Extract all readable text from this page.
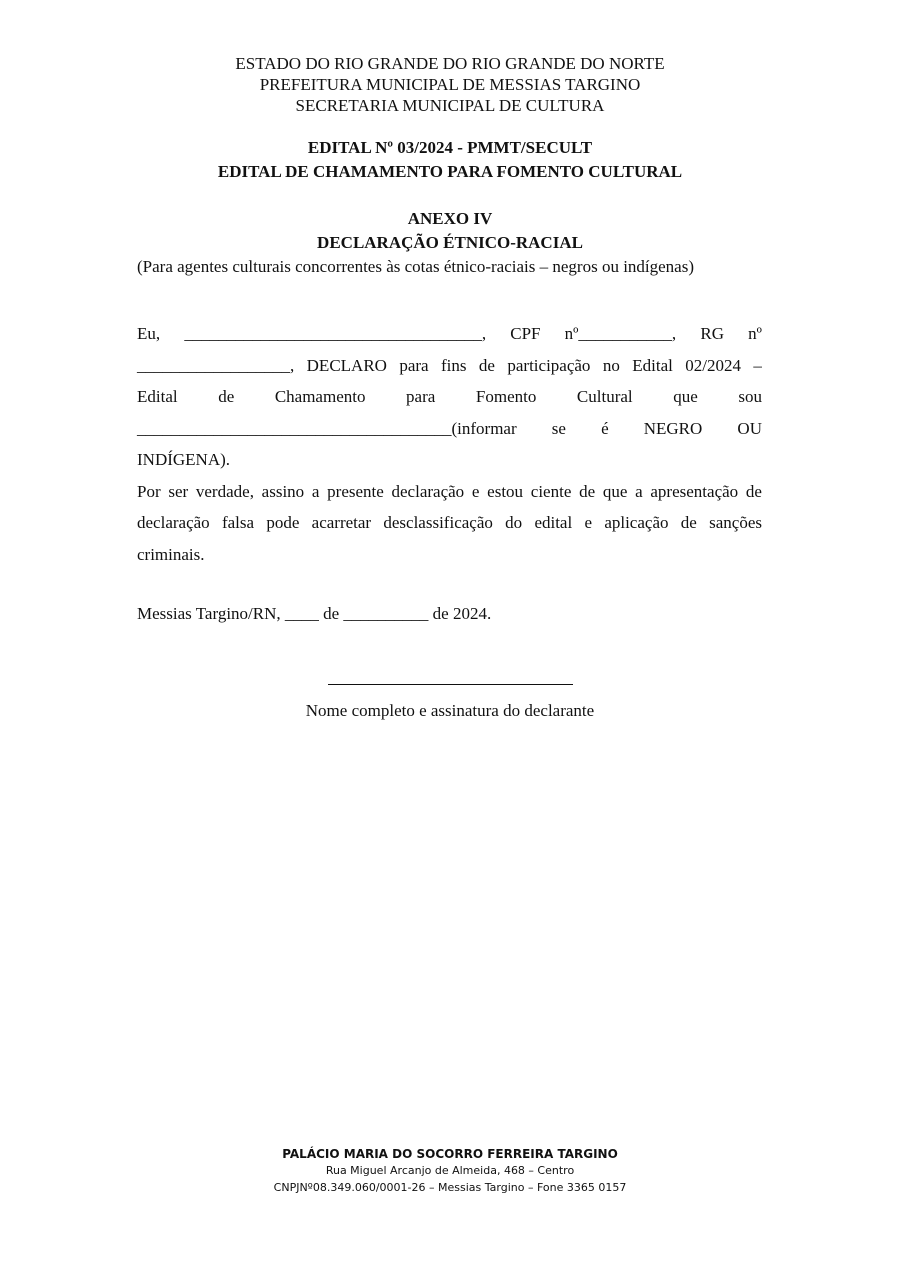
ESTADO DO RIO GRANDE DO RIO GRANDE DO NORTE
PREFEITURA MUNICIPAL DE MESSIAS TARGINO
SECRETARIA MUNICIPAL DE CULTURA
EDITAL Nº 03/2024 - PMMT/SECULT
EDITAL DE CHAMAMENTO PARA FOMENTO CULTURAL
ANEXO IV
DECLARAÇÃO ÉTNICO-RACIAL
(Para agentes culturais concorrentes às cotas étnico-raciais – negros ou indígenas)
Eu, ___________________________________, CPF nº___________, RG nº
__________________, DECLARO para fins de participação no Edital 02/2024 –
Edital de Chamamento para Fomento Cultural que sou
_____________________________________(informar se é NEGRO OU
INDÍGENA).
Por ser verdade, assino a presente declaração e estou ciente de que a apresentação de
declaração falsa pode acarretar desclassificação do edital e aplicação de sanções
criminais.
Messias Targino/RN, ____ de __________ de 2024.
Nome completo e assinatura do declarante
PALÁCIO MARIA DO SOCORRO FERREIRA TARGINO
Rua Miguel Arcanjo de Almeida, 468 – Centro
CNPJNº08.349.060/0001-26 – Messias Targino – Fone 3365 0157
